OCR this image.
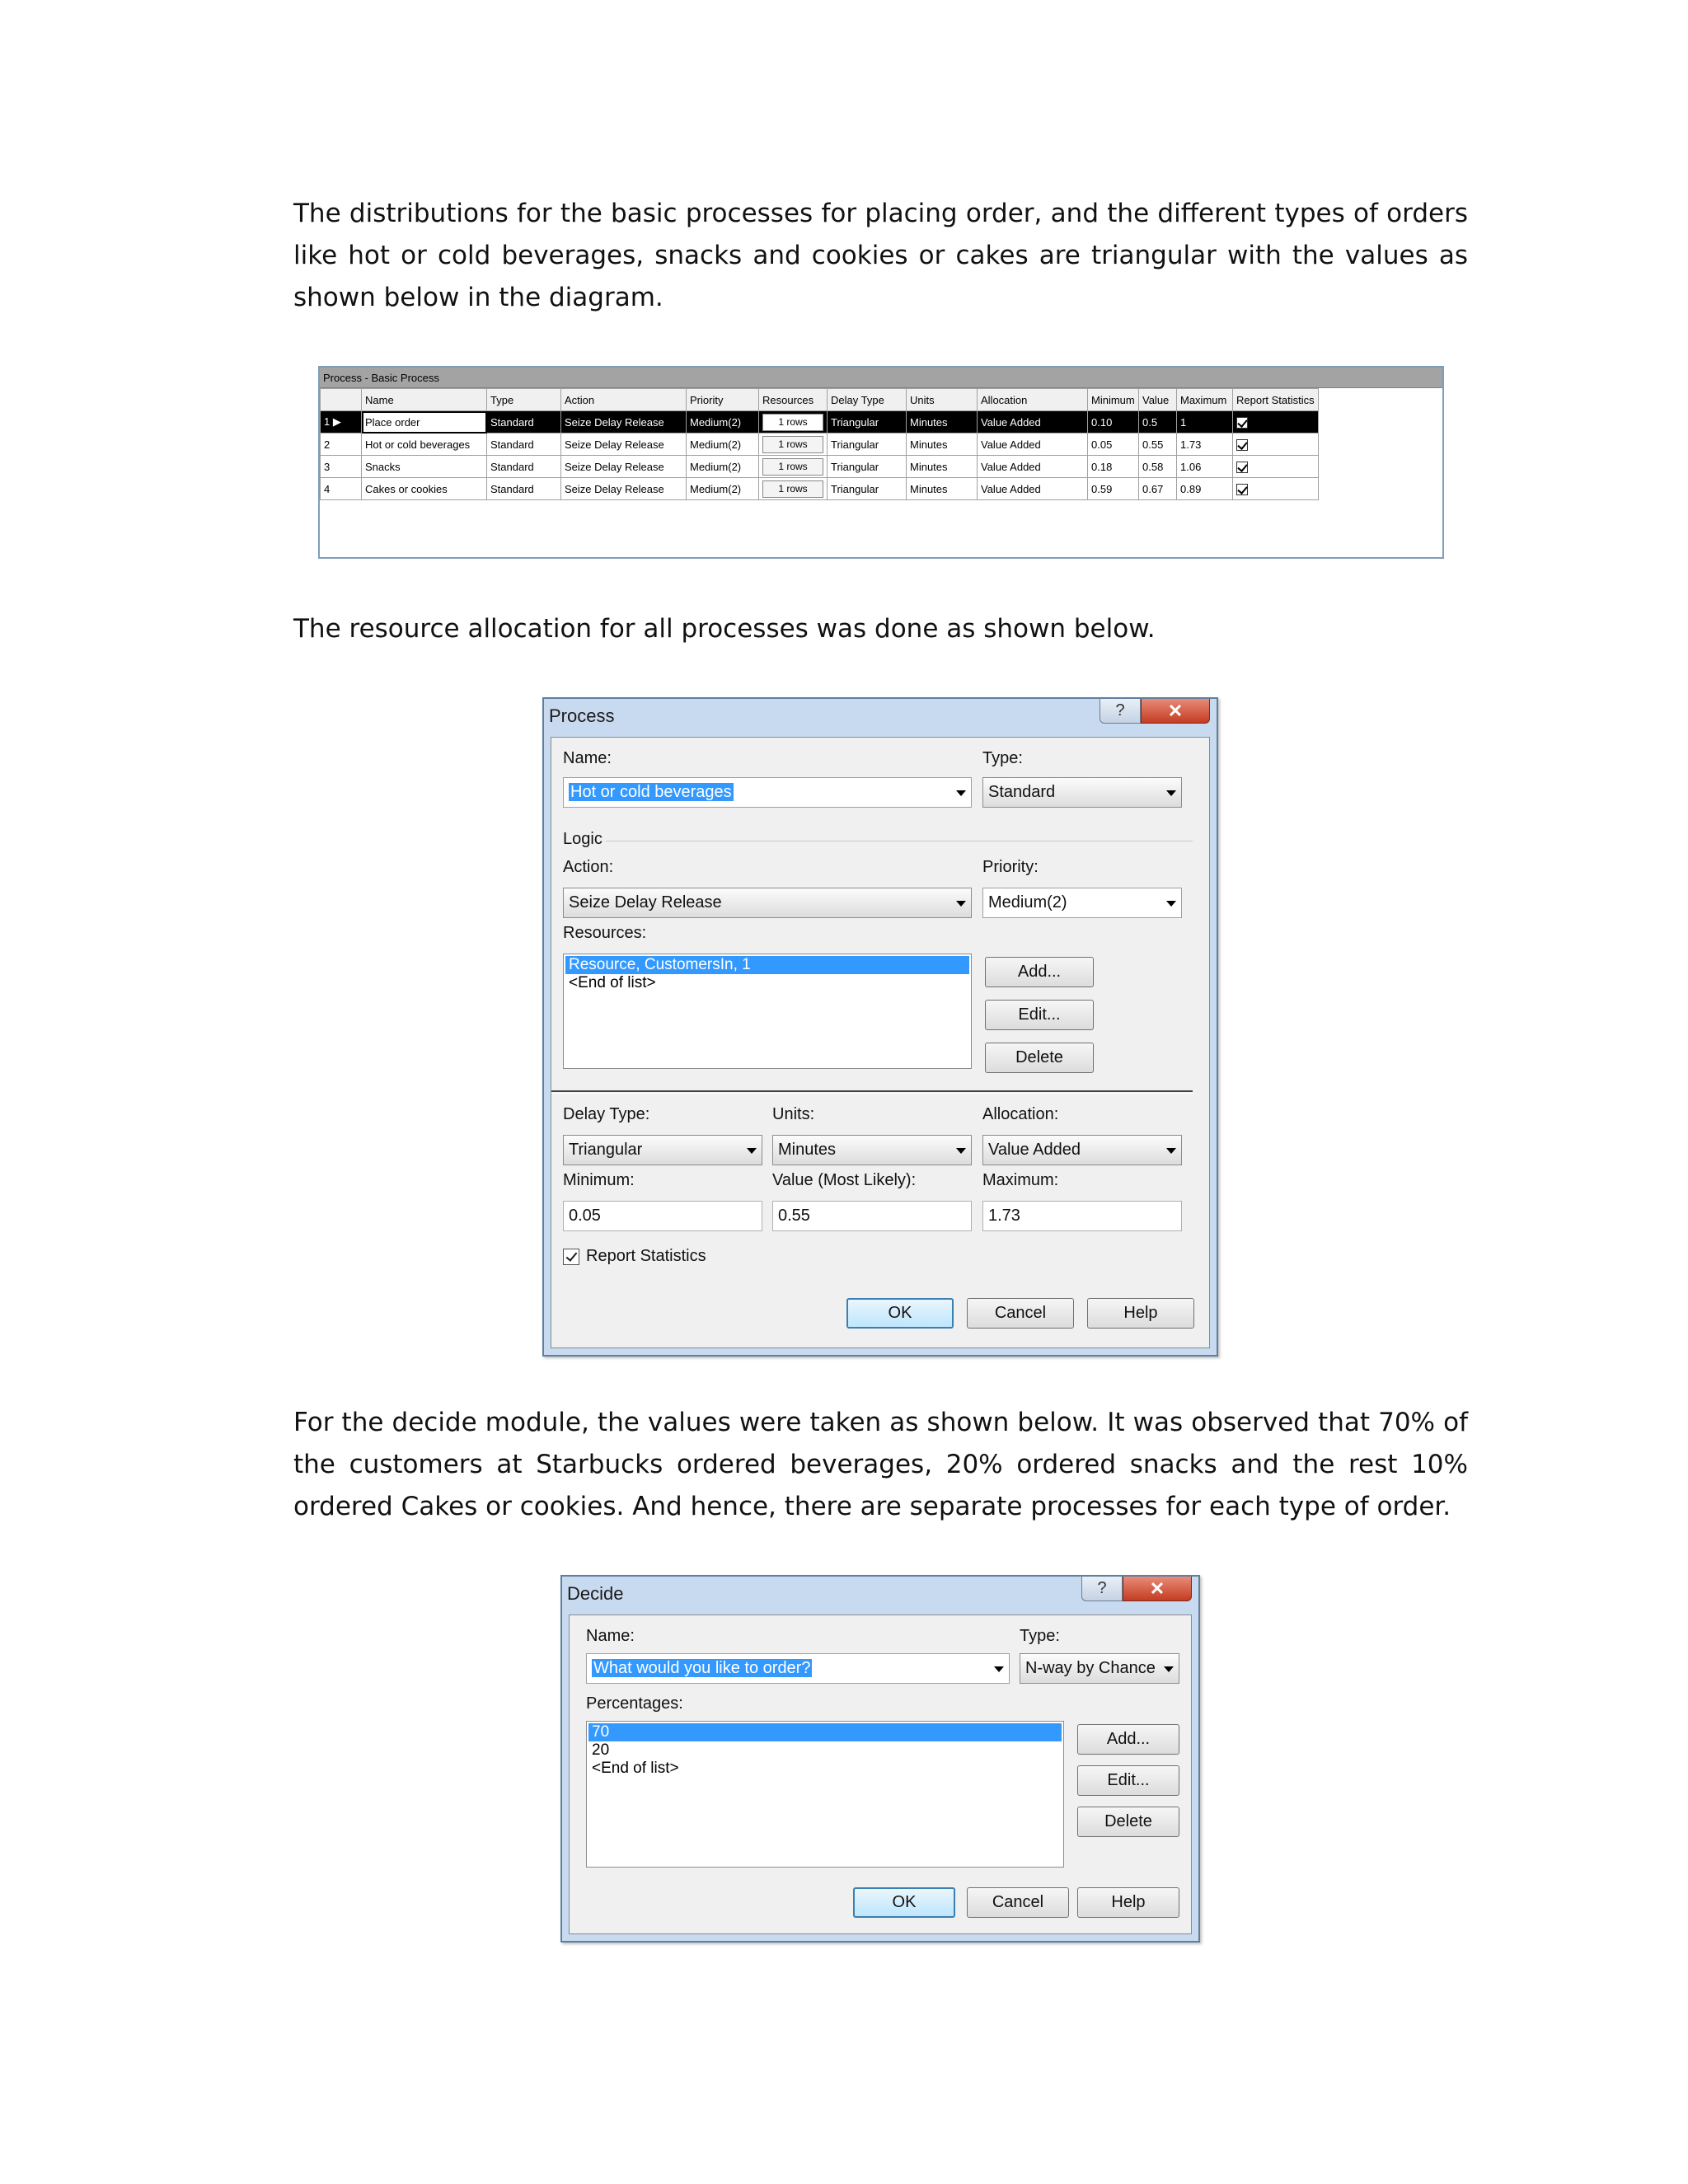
The distributions for the basic processes for placing order, and the different types of orders like hot or cold beverages, snacks and cookies or cakes are triangular with the values as shown below in the diagram.

Process - Basic Process
	Name	Type	Action	Priority	Resources	Delay Type	Units	Allocation	Minimum	Value	Maximum	Report Statistics
1 ▶	Place order	Standard	Seize Delay Release	Medium(2)	1 rows	Triangular	Minutes	Value Added	0.10	0.5	1	
2	Hot or cold beverages	Standard	Seize Delay Release	Medium(2)	1 rows	Triangular	Minutes	Value Added	0.05	0.55	1.73	
3	Snacks	Standard	Seize Delay Release	Medium(2)	1 rows	Triangular	Minutes	Value Added	0.18	0.58	1.06	
4	Cakes or cookies	Standard	Seize Delay Release	Medium(2)	1 rows	Triangular	Minutes	Value Added	0.59	0.67	0.89	

The resource allocation for all processes was done as shown below.

Process	? ✕
Name:
Hot or cold beverages
Type:
Standard
Logic
Action:
Seize Delay Release
Priority:
Medium(2)
Resources:
Resource, CustomersIn, 1
<End of list>
Add...
Edit...
Delete
Delay Type:
Triangular
Units:
Minutes
Allocation:
Value Added
Minimum:
0.05
Value (Most Likely):
0.55
Maximum:
1.73
Report Statistics
OK	Cancel	Help

For the decide module, the values were taken as shown below. It was observed that 70% of the customers at Starbucks ordered beverages, 20% ordered snacks and the rest 10% ordered Cakes or cookies. And hence, there are separate processes for each type of order.

Decide	? ✕
Name:
What would you like to order?
Type:
N-way by Chance
Percentages:
70
20
<End of list>
Add...
Edit...
Delete
OK	Cancel	Help
